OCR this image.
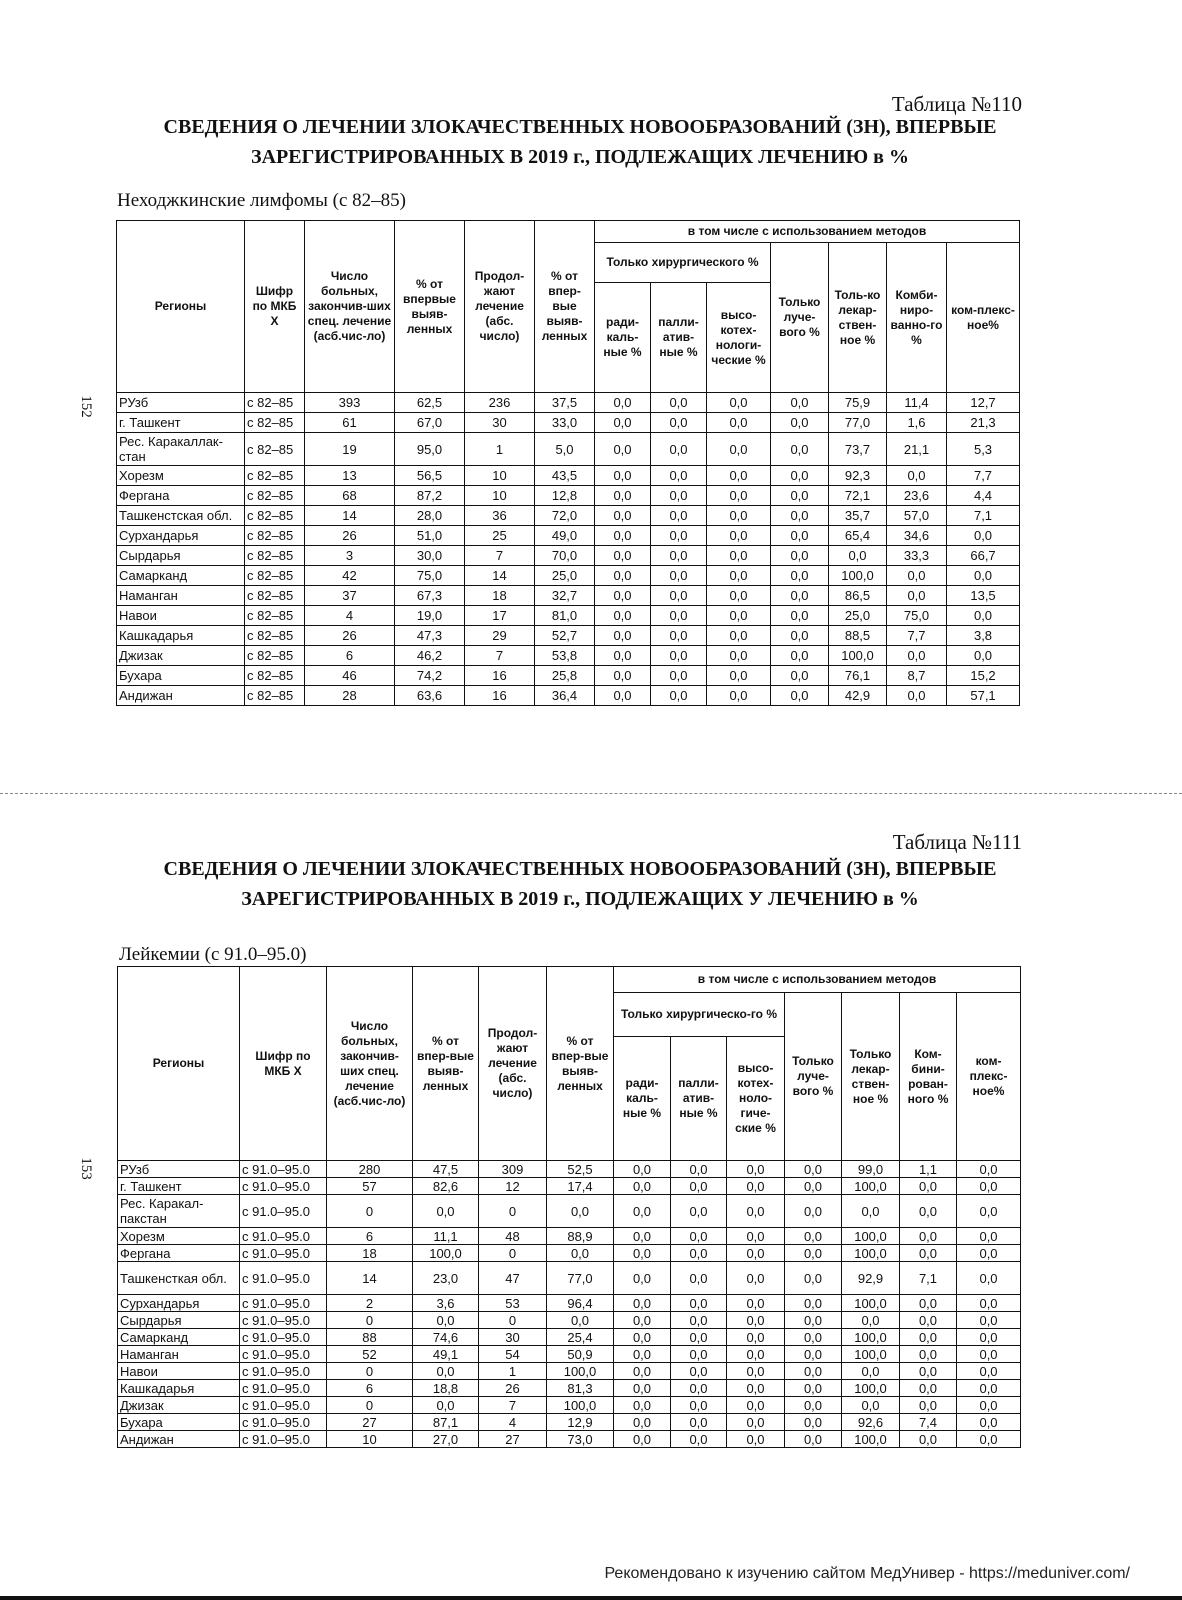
Таблица №110
СВЕДЕНИЯ О ЛЕЧЕНИИ ЗЛОКАЧЕСТВЕННЫХ НОВООБРАЗОВАНИЙ (ЗН), ВПЕРВЫЕ
ЗАРЕГИСТРИРОВАННЫХ В 2019 г., ПОДЛЕЖАЩИХ ЛЕЧЕНИЮ в %
Неходжкинские лимфомы (с 82–85)
152
Регионы	Шифр по МКБ Х	Число больных, закончив-ших спец. лечение (асб.чис-ло)	% от впервые выяв-ленных	Продол-жают лечение (абс. число)	% от впер-вые выяв-ленных	в том числе с использованием методов						
						Только хирургического %			Только луче-вого %	Толь-ко лекар-ствен-ное %	Комби-ниро-ванно-го %	ком-плекс-ное%
						ради-каль-ные %	палли-атив-ные %	высо-котех-нологи-ческие %				
РУзб	с 82–85	393	62,5	236	37,5	0,0	0,0	0,0	0,0	75,9	11,4	12,7
г. Ташкент	с 82–85	61	67,0	30	33,0	0,0	0,0	0,0	0,0	77,0	1,6	21,3
Рес. Каракаллак-стан	с 82–85	19	95,0	1	5,0	0,0	0,0	0,0	0,0	73,7	21,1	5,3
Хорезм	с 82–85	13	56,5	10	43,5	0,0	0,0	0,0	0,0	92,3	0,0	7,7
Фергана	с 82–85	68	87,2	10	12,8	0,0	0,0	0,0	0,0	72,1	23,6	4,4
Ташкенстская обл.	с 82–85	14	28,0	36	72,0	0,0	0,0	0,0	0,0	35,7	57,0	7,1
Сурхандарья	с 82–85	26	51,0	25	49,0	0,0	0,0	0,0	0,0	65,4	34,6	0,0
Сырдарья	с 82–85	3	30,0	7	70,0	0,0	0,0	0,0	0,0	0,0	33,3	66,7
Самарканд	с 82–85	42	75,0	14	25,0	0,0	0,0	0,0	0,0	100,0	0,0	0,0
Наманган	с 82–85	37	67,3	18	32,7	0,0	0,0	0,0	0,0	86,5	0,0	13,5
Навои	с 82–85	4	19,0	17	81,0	0,0	0,0	0,0	0,0	25,0	75,0	0,0
Кашкадарья	с 82–85	26	47,3	29	52,7	0,0	0,0	0,0	0,0	88,5	7,7	3,8
Джизак	с 82–85	6	46,2	7	53,8	0,0	0,0	0,0	0,0	100,0	0,0	0,0
Бухара	с 82–85	46	74,2	16	25,8	0,0	0,0	0,0	0,0	76,1	8,7	15,2
Андижан	с 82–85	28	63,6	16	36,4	0,0	0,0	0,0	0,0	42,9	0,0	57,1
Таблица №111
СВЕДЕНИЯ О ЛЕЧЕНИИ ЗЛОКАЧЕСТВЕННЫХ НОВООБРАЗОВАНИЙ (ЗН), ВПЕРВЫЕ
ЗАРЕГИСТРИРОВАННЫХ В 2019 г., ПОДЛЕЖАЩИХ У ЛЕЧЕНИЮ в %
Лейкемии (с 91.0–95.0)
153
Регионы	Шифр по МКБ Х	Число больных, закончив-ших спец. лечение (асб.чис-ло)	% от впер-вые выяв-ленных	Продол-жают лечение (абс. число)	% от впер-вые выяв-ленных	в том числе с использованием методов						
						Только хирургическо-го %			Только луче-вого %	Только лекар-ствен-ное %	Ком-бини-рован-ного %	ком-плекс-ное%
						ради-каль-ные %	палли-атив-ные %	высо-котех-ноло-гиче-ские %				
РУзб	с 91.0–95.0	280	47,5	309	52,5	0,0	0,0	0,0	0,0	99,0	1,1	0,0
г. Ташкент	с 91.0–95.0	57	82,6	12	17,4	0,0	0,0	0,0	0,0	100,0	0,0	0,0
Рес. Каракал-пакстан	с 91.0–95.0	0	0,0	0	0,0	0,0	0,0	0,0	0,0	0,0	0,0	0,0
Хорезм	с 91.0–95.0	6	11,1	48	88,9	0,0	0,0	0,0	0,0	100,0	0,0	0,0
Фергана	с 91.0–95.0	18	100,0	0	0,0	0,0	0,0	0,0	0,0	100,0	0,0	0,0
Ташкенсткая обл.	с 91.0–95.0	14	23,0	47	77,0	0,0	0,0	0,0	0,0	92,9	7,1	0,0
Сурхандарья	с 91.0–95.0	2	3,6	53	96,4	0,0	0,0	0,0	0,0	100,0	0,0	0,0
Сырдарья	с 91.0–95.0	0	0,0	0	0,0	0,0	0,0	0,0	0,0	0,0	0,0	0,0
Самарканд	с 91.0–95.0	88	74,6	30	25,4	0,0	0,0	0,0	0,0	100,0	0,0	0,0
Наманган	с 91.0–95.0	52	49,1	54	50,9	0,0	0,0	0,0	0,0	100,0	0,0	0,0
Навои	с 91.0–95.0	0	0,0	1	100,0	0,0	0,0	0,0	0,0	0,0	0,0	0,0
Кашкадарья	с 91.0–95.0	6	18,8	26	81,3	0,0	0,0	0,0	0,0	100,0	0,0	0,0
Джизак	с 91.0–95.0	0	0,0	7	100,0	0,0	0,0	0,0	0,0	0,0	0,0	0,0
Бухара	с 91.0–95.0	27	87,1	4	12,9	0,0	0,0	0,0	0,0	92,6	7,4	0,0
Андижан	с 91.0–95.0	10	27,0	27	73,0	0,0	0,0	0,0	0,0	100,0	0,0	0,0
Рекомендовано к изучению сайтом МедУнивер - https://meduniver.com/
